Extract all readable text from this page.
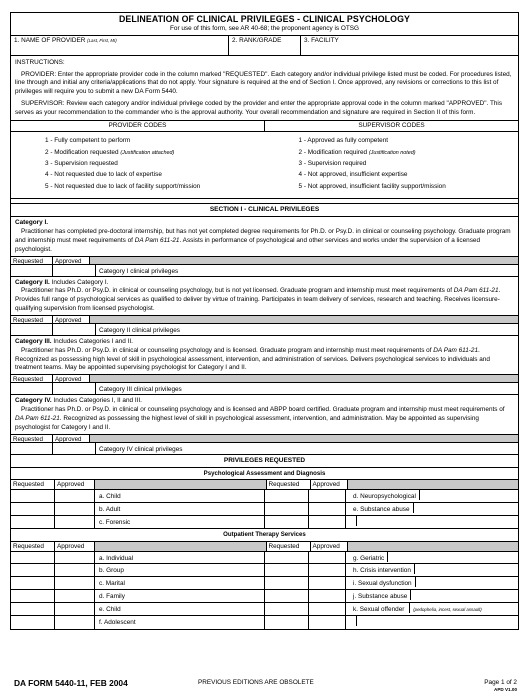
DELINEATION OF CLINICAL PRIVILEGES - CLINICAL PSYCHOLOGY
For use of this form, see AR 40-68; the proponent agency is OTSG
1. NAME OF PROVIDER (Last, First, MI)	2. RANK/GRADE	3. FACILITY

INSTRUCTIONS:

PROVIDER: Enter the appropriate provider code in the column marked "REQUESTED". Each category and/or individual privilege listed must be coded. For procedures listed, line through and initial any criteria/applications that do not apply. Your signature is required at the end of Section I. Once approved, any revisions or corrections to this list of privileges will require you to submit a new DA Form 5440.

SUPERVISOR: Review each category and/or individual privilege coded by the provider and enter the appropriate approval code in the column marked "APPROVED". This serves as your recommendation to the commander who is the approval authority. Your overall recommendation and signature are required in Section II of this form.

PROVIDER CODES	SUPERVISOR CODES
1 - Fully competent to perform
2 - Modification requested (Justification attached)
3 - Supervision requested
4 - Not requested due to lack of expertise
5 - Not requested due to lack of facility support/mission
1 - Approved as fully competent
2 - Modification required (Justification noted)
3 - Supervision required
4 - Not approved, insufficient expertise
5 - Not approved, insufficient facility support/mission
SECTION I - CLINICAL PRIVILEGES
Category I.
Practitioner has completed pre-doctoral internship, but has not yet completed degree requirements for Ph.D. or Psy.D. in clinical or counseling psychology. Graduate program and internship must meet requirements of DA Pam 611-21. Assists in performance of psychological and other services and works under the supervision of a licensed psychologist.
Requested	Approved
Category I clinical privileges
Category II. Includes Category I.
Practitioner has Ph.D. or Psy.D. in clinical or counseling psychology, but is not yet licensed. Graduate program and internship must meet requirements of DA Pam 611-21. Provides full range of psychological services as qualified to deliver by virtue of training. Participates in team delivery of services, research and teaching. Receives licensure-qualifying supervision from licensed psychologist.
Requested	Approved
Category II clinical privileges
Category III. Includes Categories I and II.
Practitioner has Ph.D. or Psy.D. in clinical or counseling psychology and is licensed. Graduate program and internship must meet requirements of DA Pam 611-21. Recognized as possessing high level of skill in psychological assessment, intervention, and administration of services. Delivers psychological services to individuals and treatment teams. May be appointed supervising psychologist for Category I and II.
Requested	Approved
Category III clinical privileges
Category IV. Includes Categories I, II and III.
Practitioner has Ph.D. or Psy.D. in clinical or counseling psychology and is licensed and ABPP board certified. Graduate program and internship must meet requirements of DA Pam 611-21. Recognized as possessing the highest level of skill in psychological assessment, intervention, and administration. May be appointed as supervising psychologist for Category I and II.
Requested	Approved
Category IV clinical privileges
PRIVILEGES REQUESTED
Psychological Assessment and Diagnosis
Requested	Approved	Requested	Approved
a. Child	d. Neuropsychological
b. Adult	e. Substance abuse
c. Forensic
Outpatient Therapy Services
Requested	Approved	Requested	Approved
a. Individual	g. Geriatric
b. Group	h. Crisis intervention
c. Marital	i. Sexual dysfunction
d. Family	j. Substance abuse
e. Child	k. Sexual offender (pedophelia, incest, sexual assault)
f. Adolescent
DA FORM 5440-11, FEB 2004	PREVIOUS EDITIONS ARE OBSOLETE	Page 1 of 2
APD V1.00
